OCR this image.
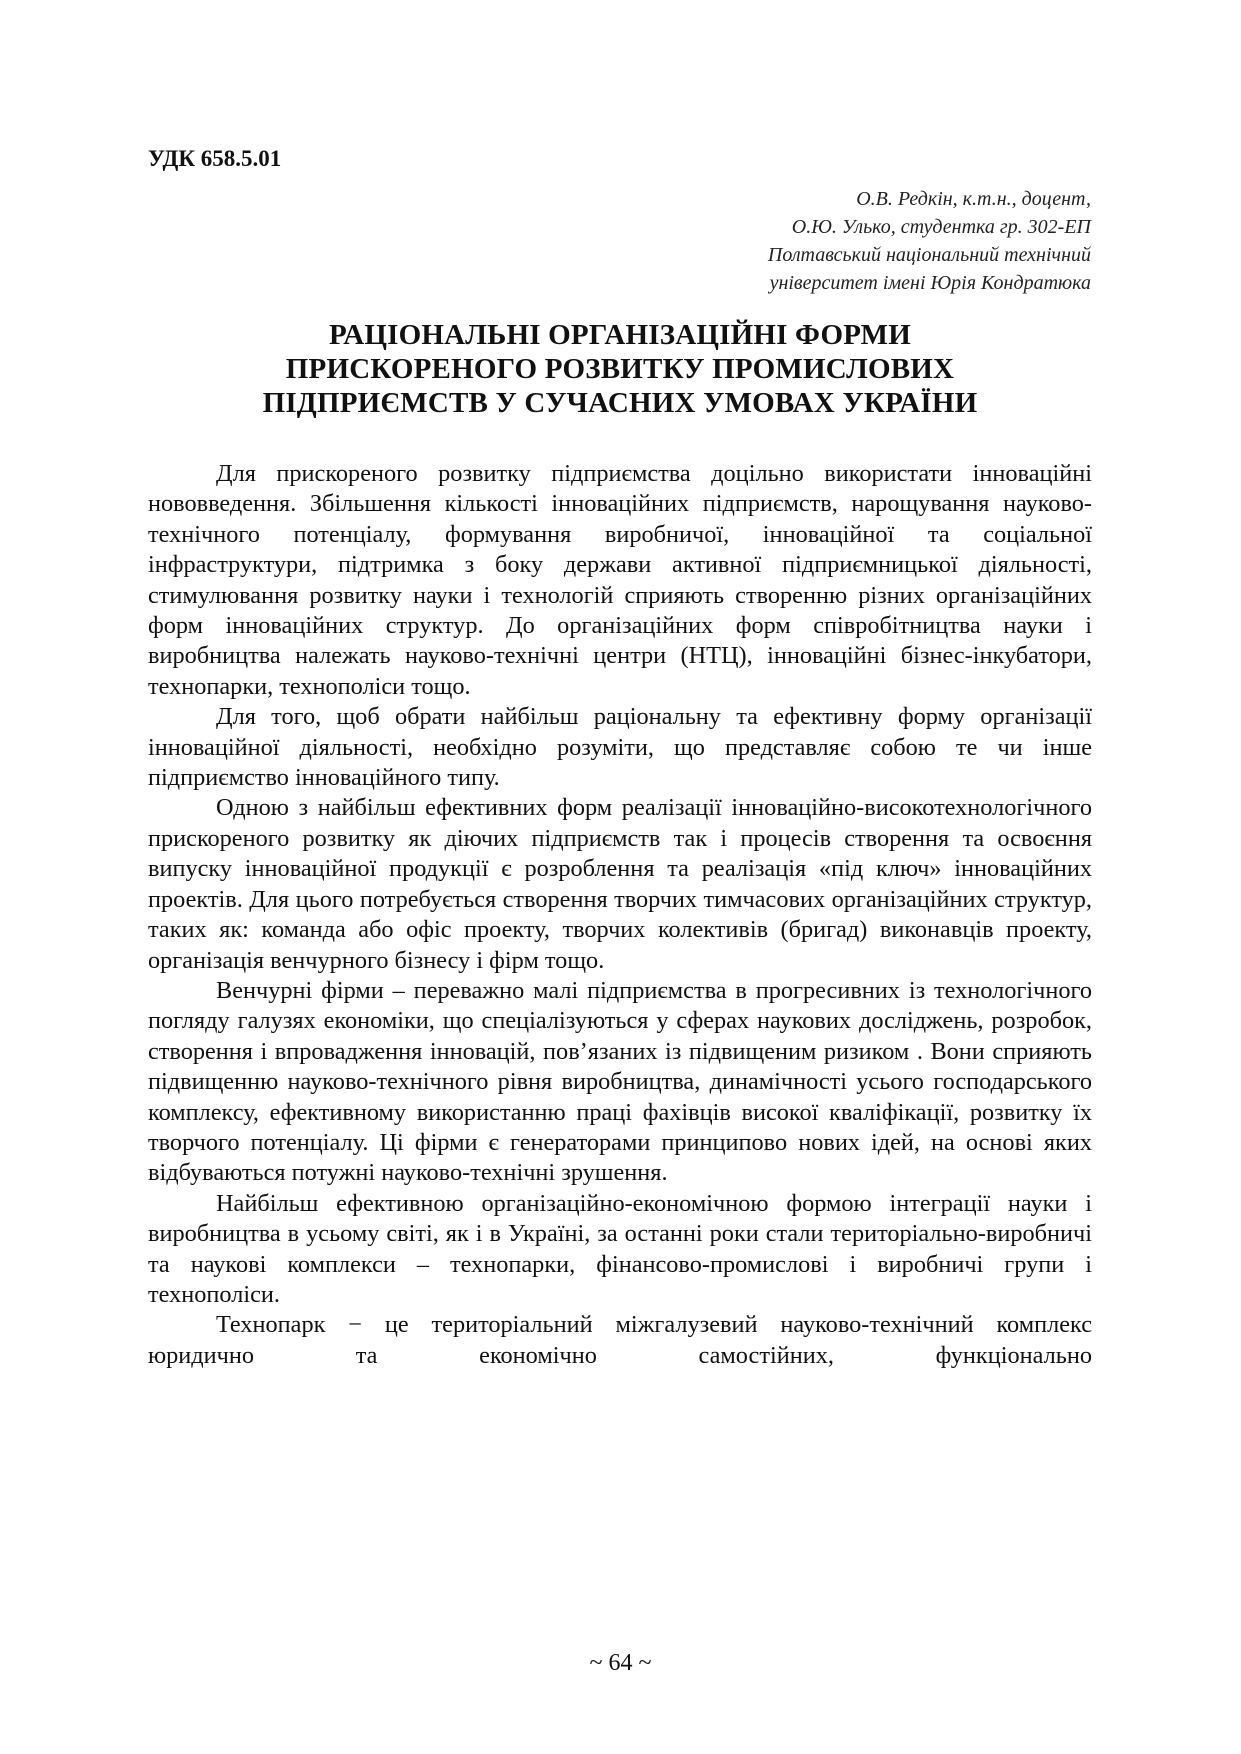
УДК 658.5.01
О.В. Редкін, к.т.н., доцент,
О.Ю. Улько, студентка гр. 302-ЕП
Полтавський національний технічний
університет імені Юрія Кондратюка
РАЦІОНАЛЬНІ ОРГАНІЗАЦІЙНІ ФОРМИ
ПРИСКОРЕНОГО РОЗВИТКУ ПРОМИСЛОВИХ
ПІДПРИЄМСТВ У СУЧАСНИХ УМОВАХ УКРАЇНИ

Для прискореного розвитку підприємства доцільно використати інноваційні нововведення. Збільшення кількості інноваційних підприємств, нарощування науково-технічного потенціалу, формування виробничої, інноваційної та соціальної інфраструктури, підтримка з боку держави активної підприємницької діяльності, стимулювання розвитку науки і технологій сприяють створенню різних організаційних форм інноваційних структур. До організаційних форм співробітництва науки і виробництва належать науково-технічні центри (НТЦ), інноваційні бізнес-інкубатори, технопарки, технополіси тощо.

Для того, щоб обрати найбільш раціональну та ефективну форму організації інноваційної діяльності, необхідно розуміти, що представляє собою те чи інше підприємство інноваційного типу.

Одною з найбільш ефективних форм реалізації інноваційно-високотехнологічного прискореного розвитку як діючих підприємств так і процесів створення та освоєння випуску інноваційної продукції є розроблення та реалізація «під ключ» інноваційних проектів. Для цього потребується створення творчих тимчасових організаційних структур, таких як: команда або офіс проекту, творчих колективів (бригад) виконавців проекту, організація венчурного бізнесу і фірм тощо.

Венчурні фірми – переважно малі підприємства в прогресивних із технологічного погляду галузях економіки, що спеціалізуються у сферах наукових досліджень, розробок, створення і впровадження інновацій, пов’язаних із підвищеним ризиком . Вони сприяють підвищенню науково-технічного рівня виробництва, динамічності усього господарського комплексу, ефективному використанню праці фахівців високої кваліфікації, розвитку їх творчого потенціалу. Ці фірми є генераторами принципово нових ідей, на основі яких відбуваються потужні науково-технічні зрушення.

Найбільш ефективною організаційно-економічною формою інтеграції науки і виробництва в усьому світі, як і в Україні, за останні роки стали територіально-виробничі та наукові комплекси – технопарки, фінансово-промислові і виробничі групи і технополіси.

Технопарк − це територіальний міжгалузевий науково-технічний комплекс юридично та економічно самостійних, функціонально

~ 64 ~
